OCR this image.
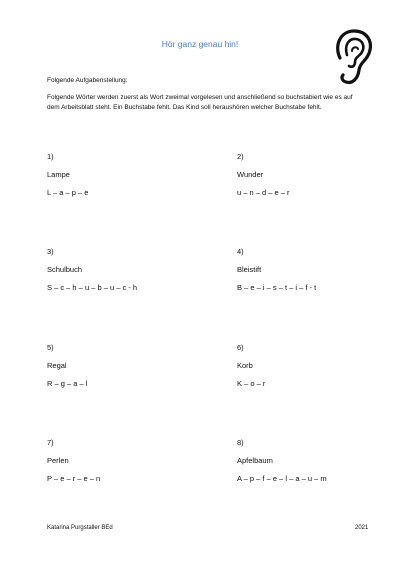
Hör ganz genau hin!
Folgende Aufgabenstellung:

Folgende Wörter werden zuerst als Wort zweimal vorgelesen und anschließend so buchstabiert wie es auf dem Arbeitsblatt steht. Ein Buchstabe fehlt. Das Kind soll heraushören welcher Buchstabe fehlt.

1)
Lampe
L – a – p – e
2)
Wunder
u – n – d – e – r
3)
Schulbuch
S – c – h – u – b – u – c - h
4)
Bleistift
B – e – i – s – t – i – f - t
5)
Regal
R – g – a – l
6)
Korb
K – o – r
7)
Perlen
P – e – r – e – n
8)
Apfelbaum
A – p – f – e – l – a – u – m
Katarina Purgstaller BEd	2021
